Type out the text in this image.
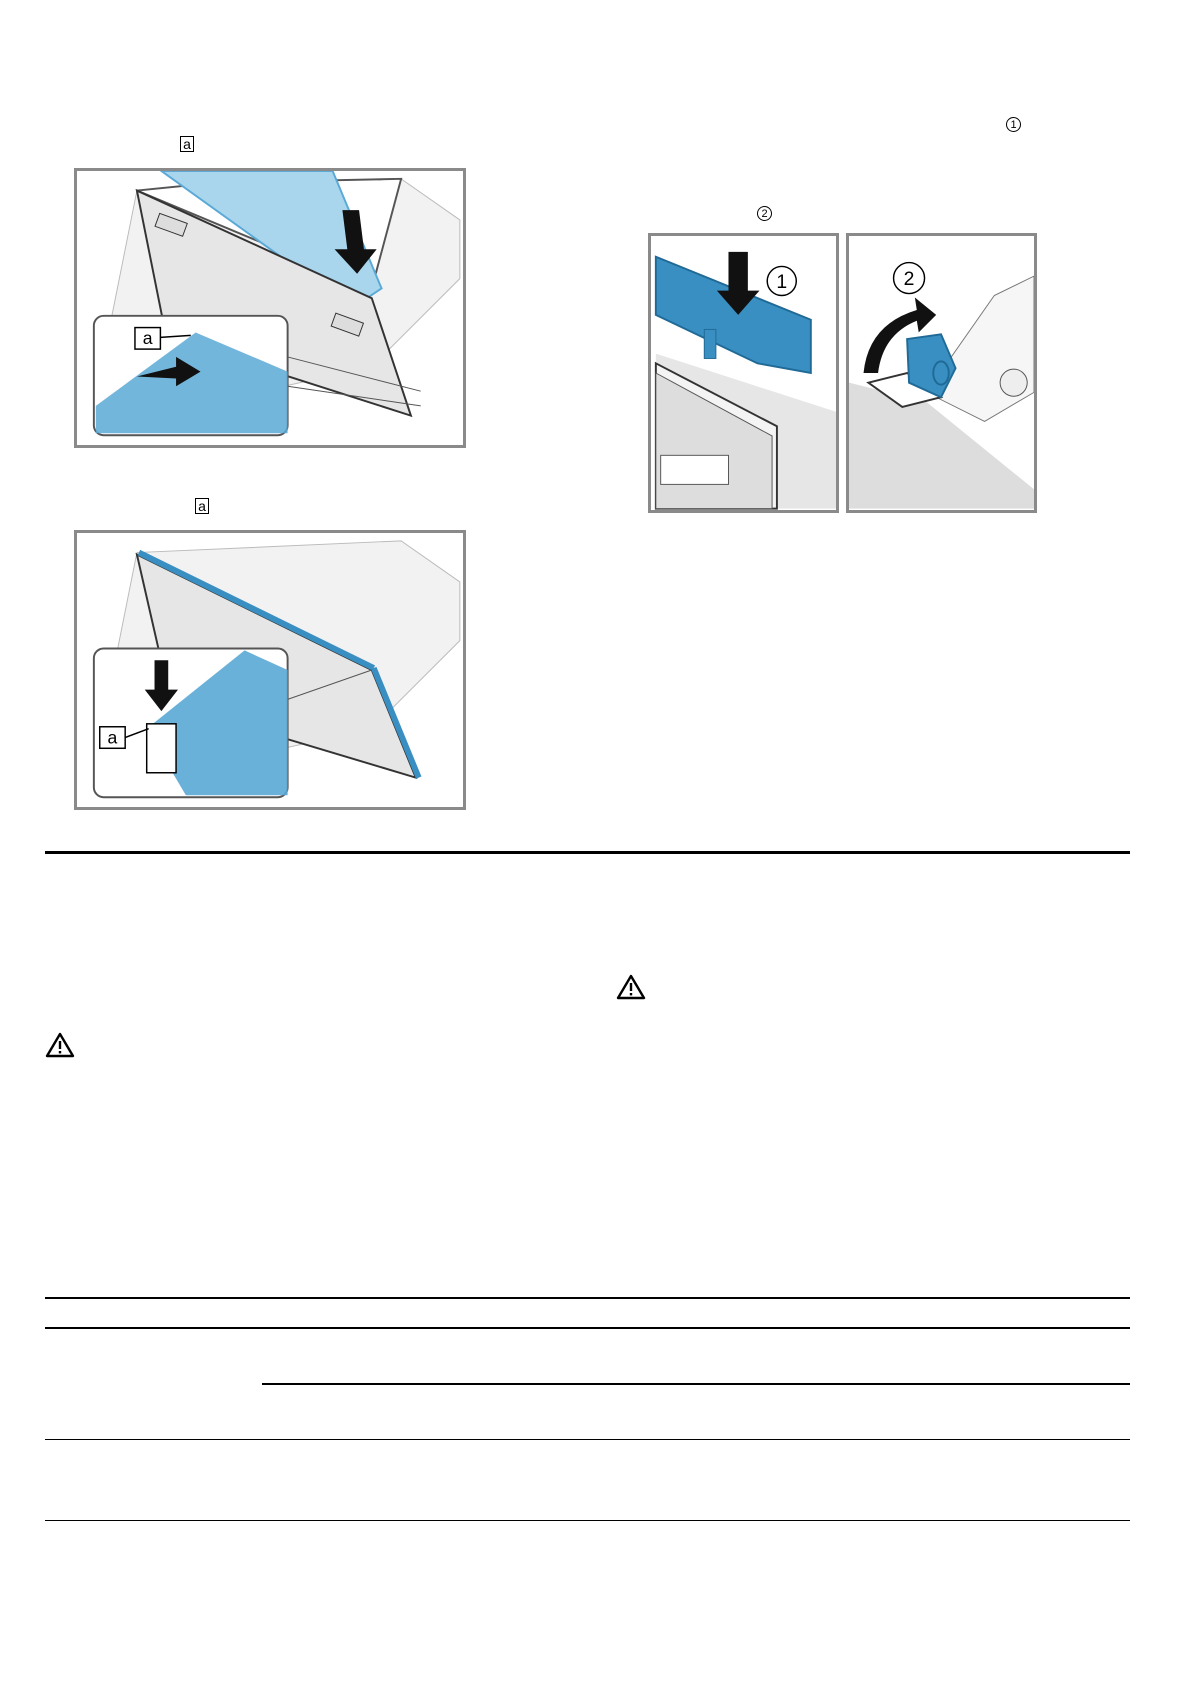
a
a
1
2
a
a
1	2
